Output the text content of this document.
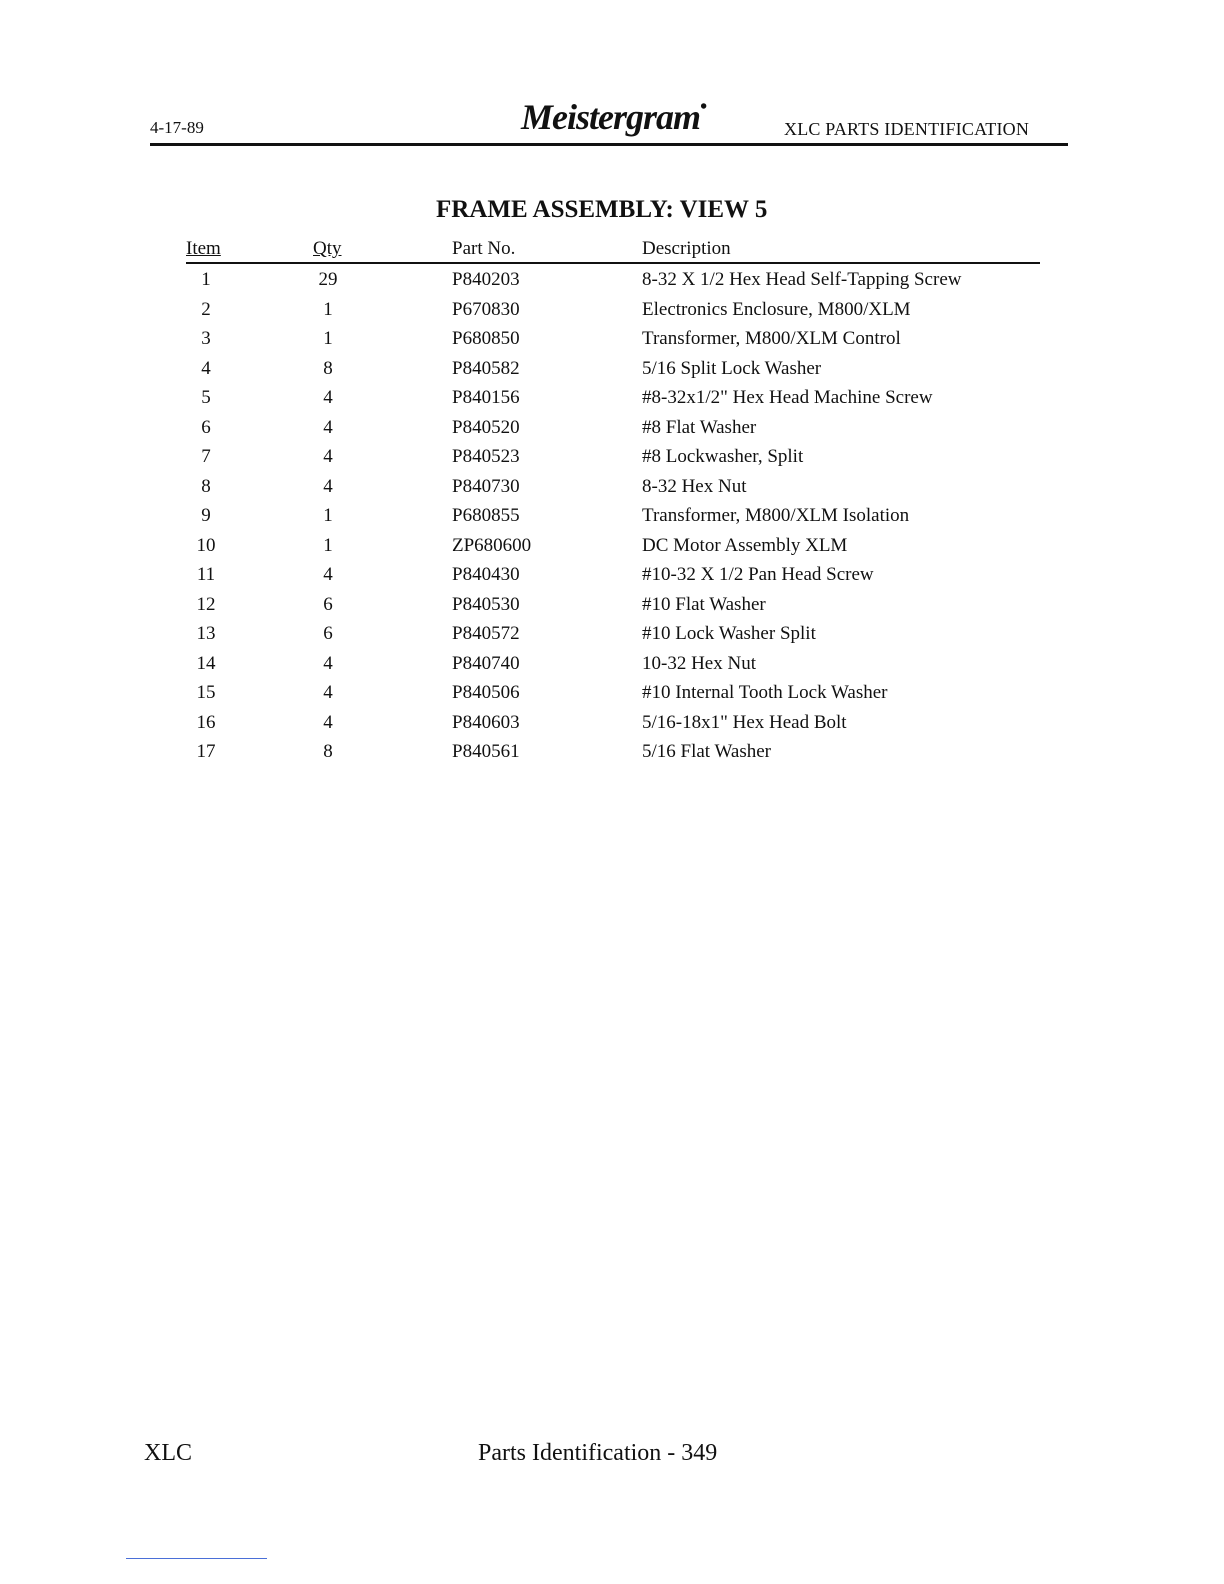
4-17-89	Meistergram•
XLC PARTS IDENTIFICATION
FRAME ASSEMBLY: VIEW 5
Item	Qty	Part No.	Description
1	29	P840203	8-32 X 1/2 Hex Head Self-Tapping Screw
2	1	P670830	Electronics Enclosure, M800/XLM
3	1	P680850	Transformer, M800/XLM Control
4	8	P840582	5/16 Split Lock Washer
5	4	P840156	#8-32x1/2" Hex Head Machine Screw
6	4	P840520	#8 Flat Washer
7	4	P840523	#8 Lockwasher, Split
8	4	P840730	8-32 Hex Nut
9	1	P680855	Transformer, M800/XLM Isolation
10	1	ZP680600	DC Motor Assembly XLM
11	4	P840430	#10-32 X 1/2 Pan Head Screw
12	6	P840530	#10 Flat Washer
13	6	P840572	#10 Lock Washer Split
14	4	P840740	10-32 Hex Nut
15	4	P840506	#10 Internal Tooth Lock Washer
16	4	P840603	5/16-18x1" Hex Head Bolt
17	8	P840561	5/16 Flat Washer
XLC	Parts Identification - 349
